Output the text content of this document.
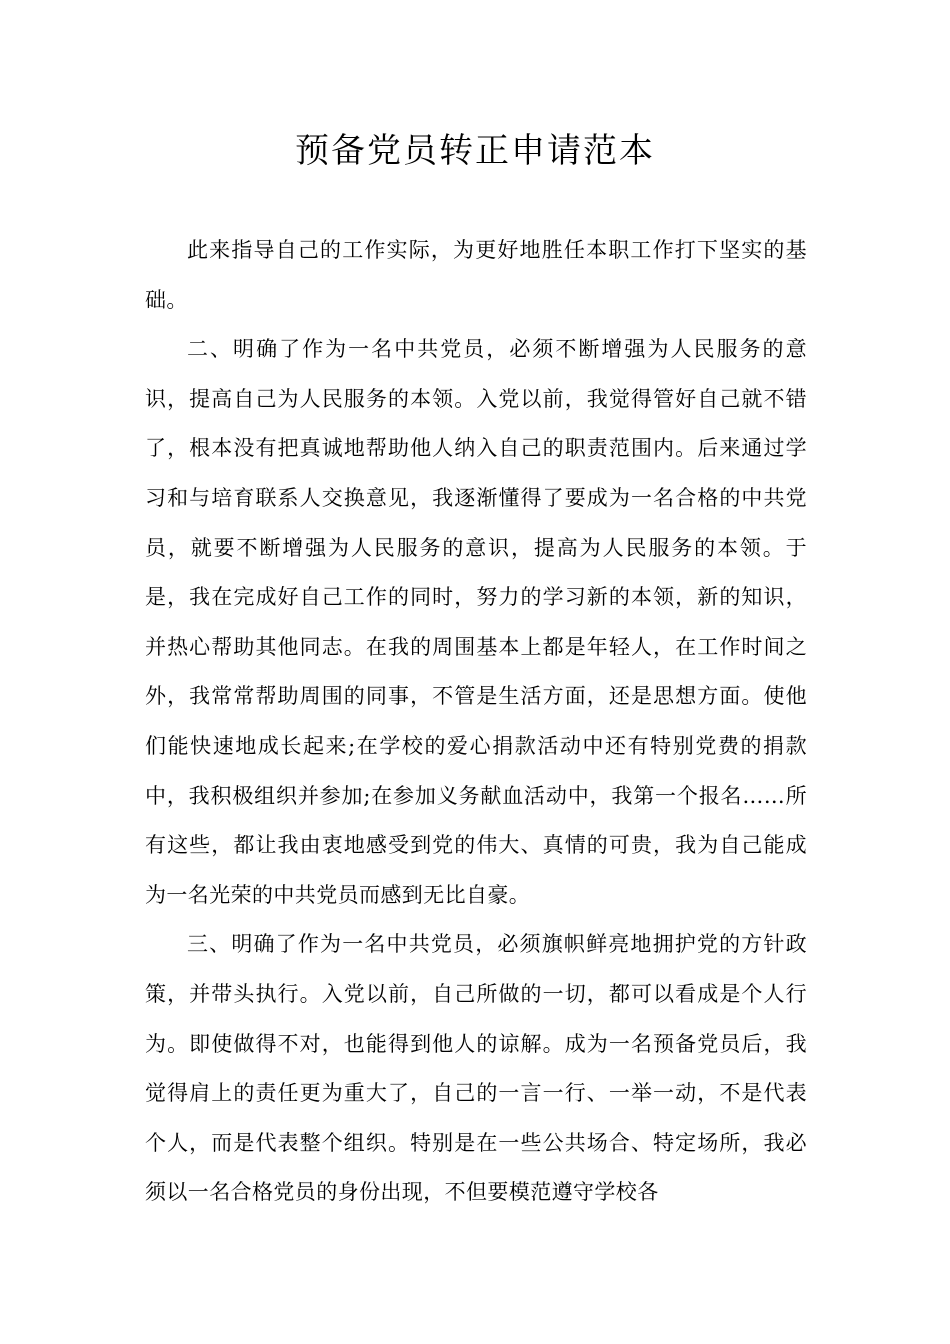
预备党员转正申请范本

此来指导自己的工作实际，为更好地胜任本职工作打下坚实的基础。

二、明确了作为一名中共党员，必须不断增强为人民服务的意识，提高自己为人民服务的本领。入党以前，我觉得管好自己就不错了，根本没有把真诚地帮助他人纳入自己的职责范围内。后来通过学习和与培育联系人交换意见，我逐渐懂得了要成为一名合格的中共党员，就要不断增强为人民服务的意识，提高为人民服务的本领。于是，我在完成好自己工作的同时，努力的学习新的本领，新的知识，并热心帮助其他同志。在我的周围基本上都是年轻人，在工作时间之外，我常常帮助周围的同事，不管是生活方面，还是思想方面。使他们能快速地成长起来;在学校的爱心捐款活动中还有特别党费的捐款中，我积极组织并参加;在参加义务献血活动中，我第一个报名……所有这些，都让我由衷地感受到党的伟大、真情的可贵，我为自己能成为一名光荣的中共党员而感到无比自豪。

三、明确了作为一名中共党员，必须旗帜鲜亮地拥护党的方针政策，并带头执行。入党以前，自己所做的一切，都可以看成是个人行为。即使做得不对，也能得到他人的谅解。成为一名预备党员后，我觉得肩上的责任更为重大了，自己的一言一行、一举一动，不是代表个人，而是代表整个组织。特别是在一些公共场合、特定场所，我必须以一名合格党员的身份出现，不但要模范遵守学校各
